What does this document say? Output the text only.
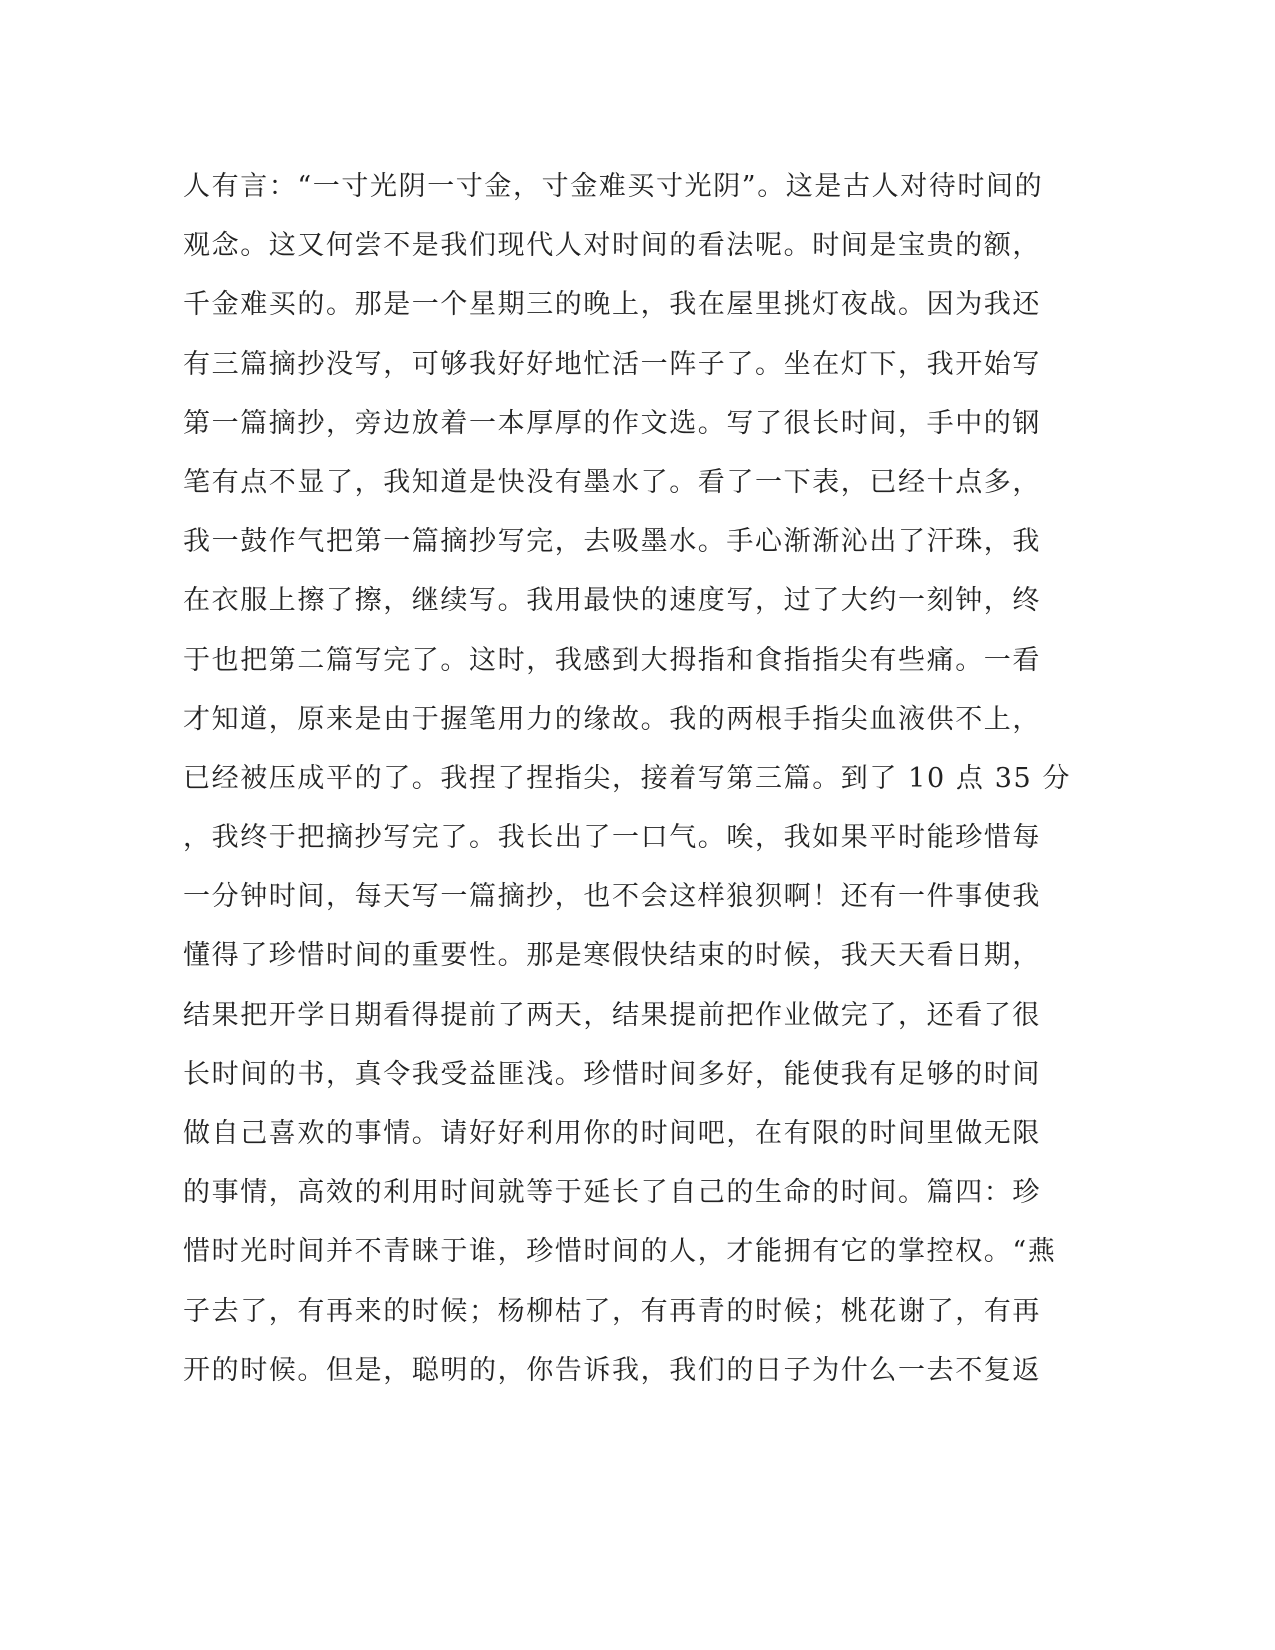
人有言：“一寸光阴一寸金，寸金难买寸光阴”。这是古人对待时间的
观念。这又何尝不是我们现代人对时间的看法呢。时间是宝贵的额，
千金难买的。那是一个星期三的晚上，我在屋里挑灯夜战。因为我还
有三篇摘抄没写，可够我好好地忙活一阵子了。坐在灯下，我开始写
第一篇摘抄，旁边放着一本厚厚的作文选。写了很长时间，手中的钢
笔有点不显了，我知道是快没有墨水了。看了一下表，已经十点多，
我一鼓作气把第一篇摘抄写完，去吸墨水。手心渐渐沁出了汗珠，我
在衣服上擦了擦，继续写。我用最快的速度写，过了大约一刻钟，终
于也把第二篇写完了。这时，我感到大拇指和食指指尖有些痛。一看
才知道，原来是由于握笔用力的缘故。我的两根手指尖血液供不上，
已经被压成平的了。我捏了捏指尖，接着写第三篇。到了 10 点 35 分
，我终于把摘抄写完了。我长出了一口气。唉，我如果平时能珍惜每
一分钟时间，每天写一篇摘抄，也不会这样狼狈啊！还有一件事使我
懂得了珍惜时间的重要性。那是寒假快结束的时候，我天天看日期，
结果把开学日期看得提前了两天，结果提前把作业做完了，还看了很
长时间的书，真令我受益匪浅。珍惜时间多好，能使我有足够的时间
做自己喜欢的事情。请好好利用你的时间吧，在有限的时间里做无限
的事情，高效的利用时间就等于延长了自己的生命的时间。篇四：珍
惜时光时间并不青睐于谁，珍惜时间的人，才能拥有它的掌控权。“燕
子去了，有再来的时候；杨柳枯了，有再青的时候；桃花谢了，有再
开的时候。但是，聪明的，你告诉我，我们的日子为什么一去不复返
